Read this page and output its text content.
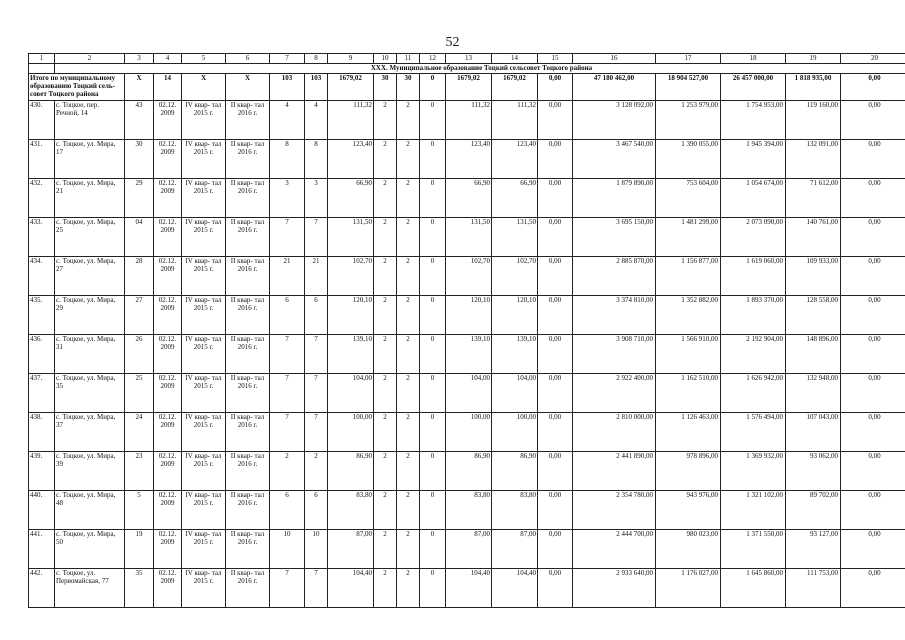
52
1	2	3	4	5	6	7	8	9	10	11	12	13	14	15	16	17	18	19	20
	XXX. Муниципальное образование Тоцкий сельсовет Тоцкого района																		
Итого по муниципальному образованию Тоцкий сель-совет Тоцкого района		X	14	X	X	103	103	1679,02	30	30	0	1679,02	1679,02	0,00	47 180 462,00	18 904 527,00	26 457 000,00	1 818 935,00	0,00
430.	с. Тоцкое, пер. Речной, 14	43	02.12. 2009	IV квар- тал 2015 г.	II квар- тал 2016 г.	4	4	111,32	2	2	0	111,32	111,32	0,00	3 128 092,00	1 253 979,00	1 754 953,00	119 160,00	0,00
431.	с. Тоцкое, ул. Мира, 17	30	02.12. 2009	IV квар- тал 2015 г.	II квар- тал 2016 г.	8	8	123,40	2	2	0	123,40	123,40	0,00	3 467 540,00	1 390 055,00	1 945 394,00	132 091,00	0,00
432.	с. Тоцкое, ул. Мира, 21	29	02.12. 2009	IV квар- тал 2015 г.	II квар- тал 2016 г.	3	3	66,90	2	2	0	66,90	66,90	0,00	1 879 890,00	753 604,00	1 054 674,00	71 612,00	0,00
433.	с. Тоцкое, ул. Мира, 25	04	02.12. 2009	IV квар- тал 2015 г.	II квар- тал 2016 г.	7	7	131,50	2	2	0	131,50	131,50	0,00	3 695 150,00	1 481 299,00	2 073 090,00	140 761,00	0,00
434.	с. Тоцкое, ул. Мира, 27	28	02.12. 2009	IV квар- тал 2015 г.	II квар- тал 2016 г.	21	21	102,70	2	2	0	102,70	102,70	0,00	2 885 870,00	1 156 877,00	1 619 060,00	109 933,00	0,00
435.	с. Тоцкое, ул. Мира, 29	27	02.12. 2009	IV квар- тал 2015 г.	II квар- тал 2016 г.	6	6	120,10	2	2	0	120,10	120,10	0,00	3 374 810,00	1 352 882,00	1 893 370,00	128 558,00	0,00
436.	с. Тоцкое, ул. Мира, 31	26	02.12. 2009	IV квар- тал 2015 г.	II квар- тал 2016 г.	7	7	139,10	2	2	0	139,10	139,10	0,00	3 908 710,00	1 566 910,00	2 192 904,00	148 896,00	0,00
437.	с. Тоцкое, ул. Мира, 35	25	02.12. 2009	IV квар- тал 2015 г.	II квар- тал 2016 г.	7	7	104,00	2	2	0	104,00	104,00	0,00	2 922 400,00	1 162 510,00	1 626 942,00	132 948,00	0,00
438.	с. Тоцкое, ул. Мира, 37	24	02.12. 2009	IV квар- тал 2015 г.	II квар- тал 2016 г.	7	7	100,00	2	2	0	100,00	100,00	0,00	2 810 000,00	1 126 463,00	1 576 494,00	107 043,00	0,00
439.	с. Тоцкое, ул. Мира, 39	23	02.12. 2009	IV квар- тал 2015 г.	II квар- тал 2016 г.	2	2	86,90	2	2	0	86,90	86,90	0,00	2 441 890,00	978 896,00	1 369 932,00	93 062,00	0,00
440.	с. Тоцкое, ул. Мира, 48	5	02.12. 2009	IV квар- тал 2015 г.	II квар- тал 2016 г.	6	6	83,80	2	2	0	83,80	83,80	0,00	2 354 780,00	943 976,00	1 321 102,00	89 702,00	0,00
441.	с. Тоцкое, ул. Мира, 50	19	02.12. 2009	IV квар- тал 2015 г.	II квар- тал 2016 г.	10	10	87,00	2	2	0	87,00	87,00	0,00	2 444 700,00	980 023,00	1 371 550,00	93 127,00	0,00
442.	с. Тоцкое, ул. Первомайская, 77	35	02.12. 2009	IV квар- тал 2015 г.	II квар- тал 2016 г.	7	7	104,40	2	2	0	104,40	104,40	0,00	2 933 640,00	1 176 027,00	1 645 860,00	111 753,00	0,00
